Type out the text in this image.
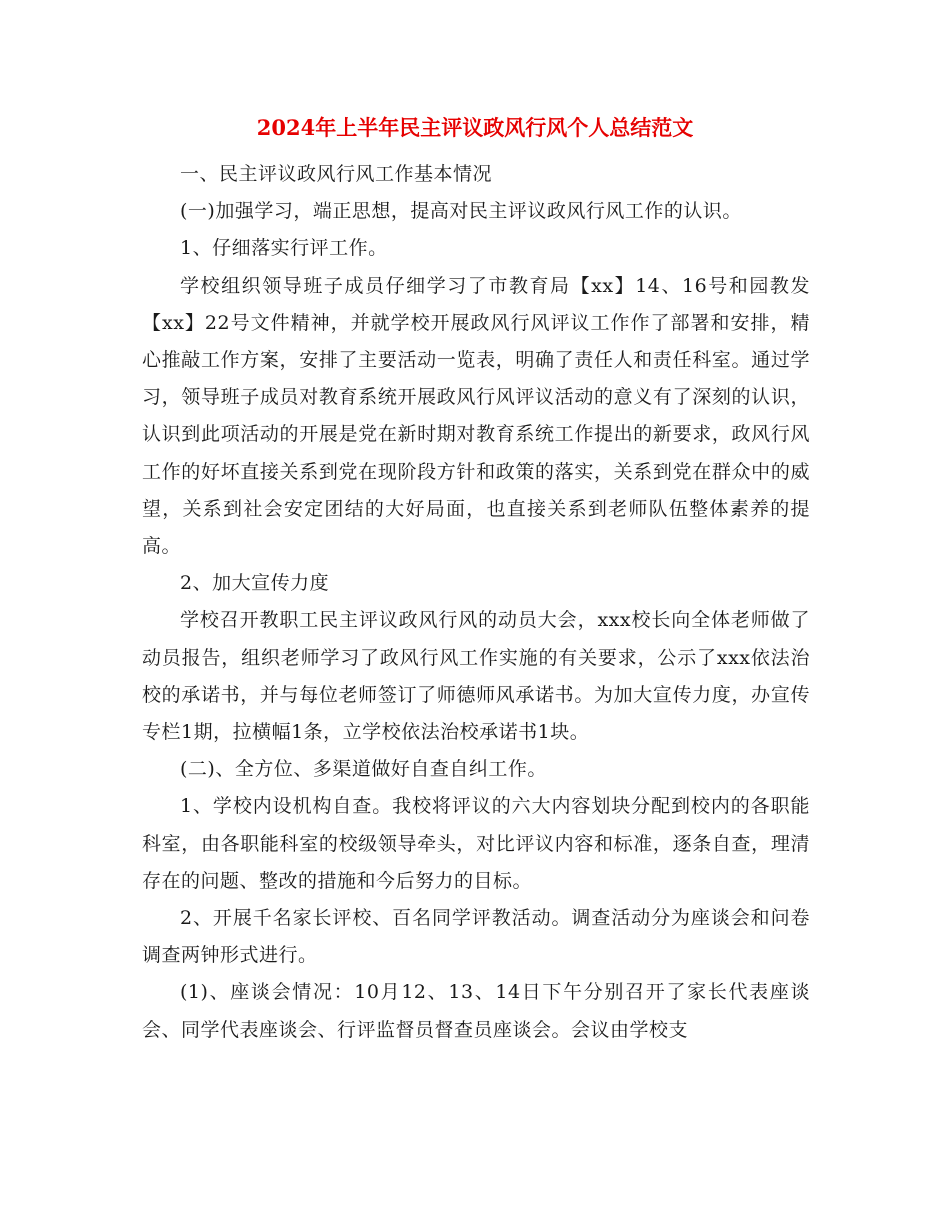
2024年上半年民主评议政风行风个人总结范文

一、民主评议政风行风工作基本情况

(一)加强学习，端正思想，提高对民主评议政风行风工作的认识。

1、仔细落实行评工作。

学校组织领导班子成员仔细学习了市教育局【xx】14、16号和园教发【xx】22号文件精神，并就学校开展政风行风评议工作作了部署和安排，精心推敲工作方案，安排了主要活动一览表，明确了责任人和责任科室。通过学习，领导班子成员对教育系统开展政风行风评议活动的意义有了深刻的认识，认识到此项活动的开展是党在新时期对教育系统工作提出的新要求，政风行风工作的好坏直接关系到党在现阶段方针和政策的落实，关系到党在群众中的威望，关系到社会安定团结的大好局面，也直接关系到老师队伍整体素养的提高。

2、加大宣传力度

学校召开教职工民主评议政风行风的动员大会，xxx校长向全体老师做了动员报告，组织老师学习了政风行风工作实施的有关要求，公示了xxx依法治校的承诺书，并与每位老师签订了师德师风承诺书。为加大宣传力度，办宣传专栏1期，拉横幅1条，立学校依法治校承诺书1块。

(二)、全方位、多渠道做好自查自纠工作。

1、学校内设机构自查。我校将评议的六大内容划块分配到校内的各职能科室，由各职能科室的校级领导牵头，对比评议内容和标准，逐条自查，理清存在的问题、整改的措施和今后努力的目标。

2、开展千名家长评校、百名同学评教活动。调查活动分为座谈会和问卷调查两钟形式进行。

(1)、座谈会情况：10月12、13、14日下午分别召开了家长代表座谈会、同学代表座谈会、行评监督员督查员座谈会。会议由学校支
